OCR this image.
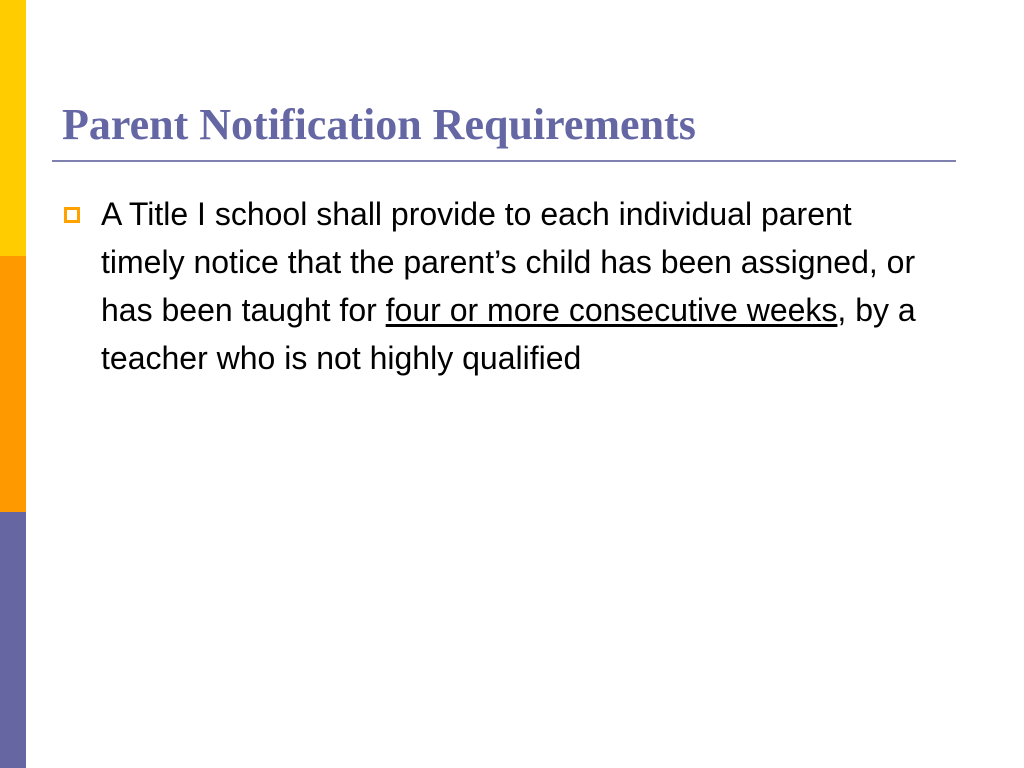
Parent Notification Requirements
A Title I school shall provide to each individual parent timely notice that the parent’s child has been assigned, or has been taught for four or more consecutive weeks, by a teacher who is not highly qualified
